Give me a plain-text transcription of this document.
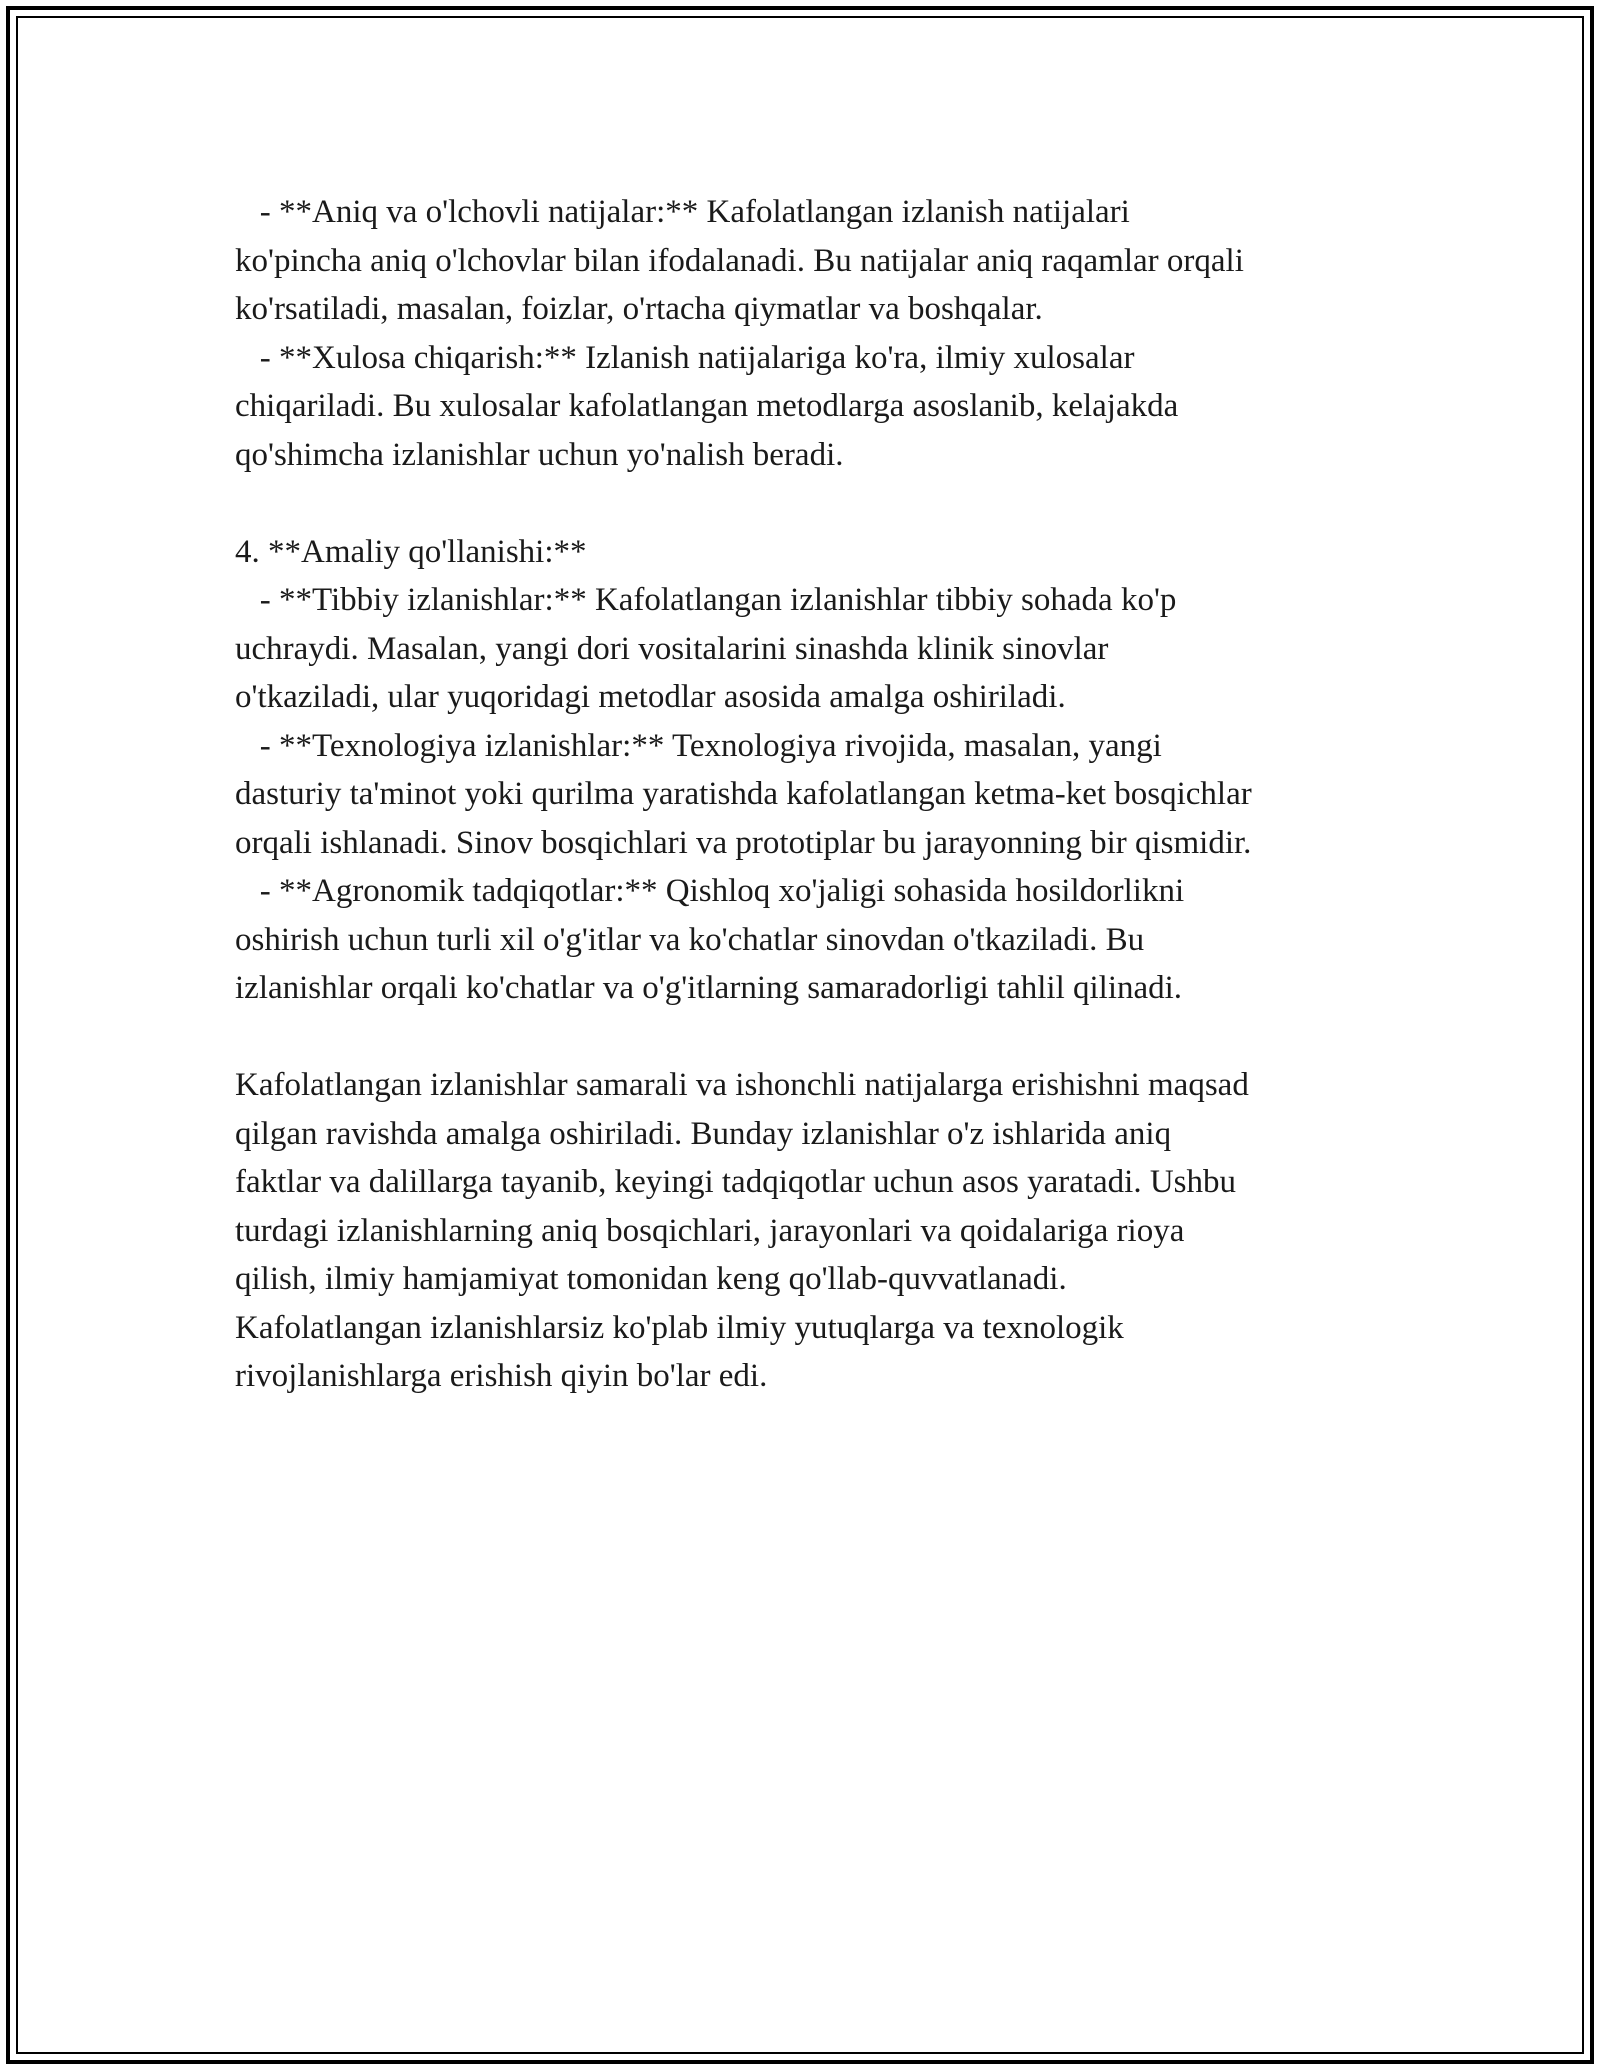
- **Aniq va o'lchovli natijalar:** Kafolatlangan izlanish natijalari
ko'pincha aniq o'lchovlar bilan ifodalanadi. Bu natijalar aniq raqamlar orqali
ko'rsatiladi, masalan, foizlar, o'rtacha qiymatlar va boshqalar.
- **Xulosa chiqarish:** Izlanish natijalariga ko'ra, ilmiy xulosalar
chiqariladi. Bu xulosalar kafolatlangan metodlarga asoslanib, kelajakda
qo'shimcha izlanishlar uchun yo'nalish beradi.
4. **Amaliy qo'llanishi:**
- **Tibbiy izlanishlar:** Kafolatlangan izlanishlar tibbiy sohada ko'p
uchraydi. Masalan, yangi dori vositalarini sinashda klinik sinovlar
o'tkaziladi, ular yuqoridagi metodlar asosida amalga oshiriladi.
- **Texnologiya izlanishlar:** Texnologiya rivojida, masalan, yangi
dasturiy ta'minot yoki qurilma yaratishda kafolatlangan ketma-ket bosqichlar
orqali ishlanadi. Sinov bosqichlari va prototiplar bu jarayonning bir qismidir.
- **Agronomik tadqiqotlar:** Qishloq xo'jaligi sohasida hosildorlikni
oshirish uchun turli xil o'g'itlar va ko'chatlar sinovdan o'tkaziladi. Bu
izlanishlar orqali ko'chatlar va o'g'itlarning samaradorligi tahlil qilinadi.
Kafolatlangan izlanishlar samarali va ishonchli natijalarga erishishni maqsad
qilgan ravishda amalga oshiriladi. Bunday izlanishlar o'z ishlarida aniq
faktlar va dalillarga tayanib, keyingi tadqiqotlar uchun asos yaratadi. Ushbu
turdagi izlanishlarning aniq bosqichlari, jarayonlari va qoidalariga rioya
qilish, ilmiy hamjamiyat tomonidan keng qo'llab-quvvatlanadi.
Kafolatlangan izlanishlarsiz ko'plab ilmiy yutuqlarga va texnologik
rivojlanishlarga erishish qiyin bo'lar edi.
